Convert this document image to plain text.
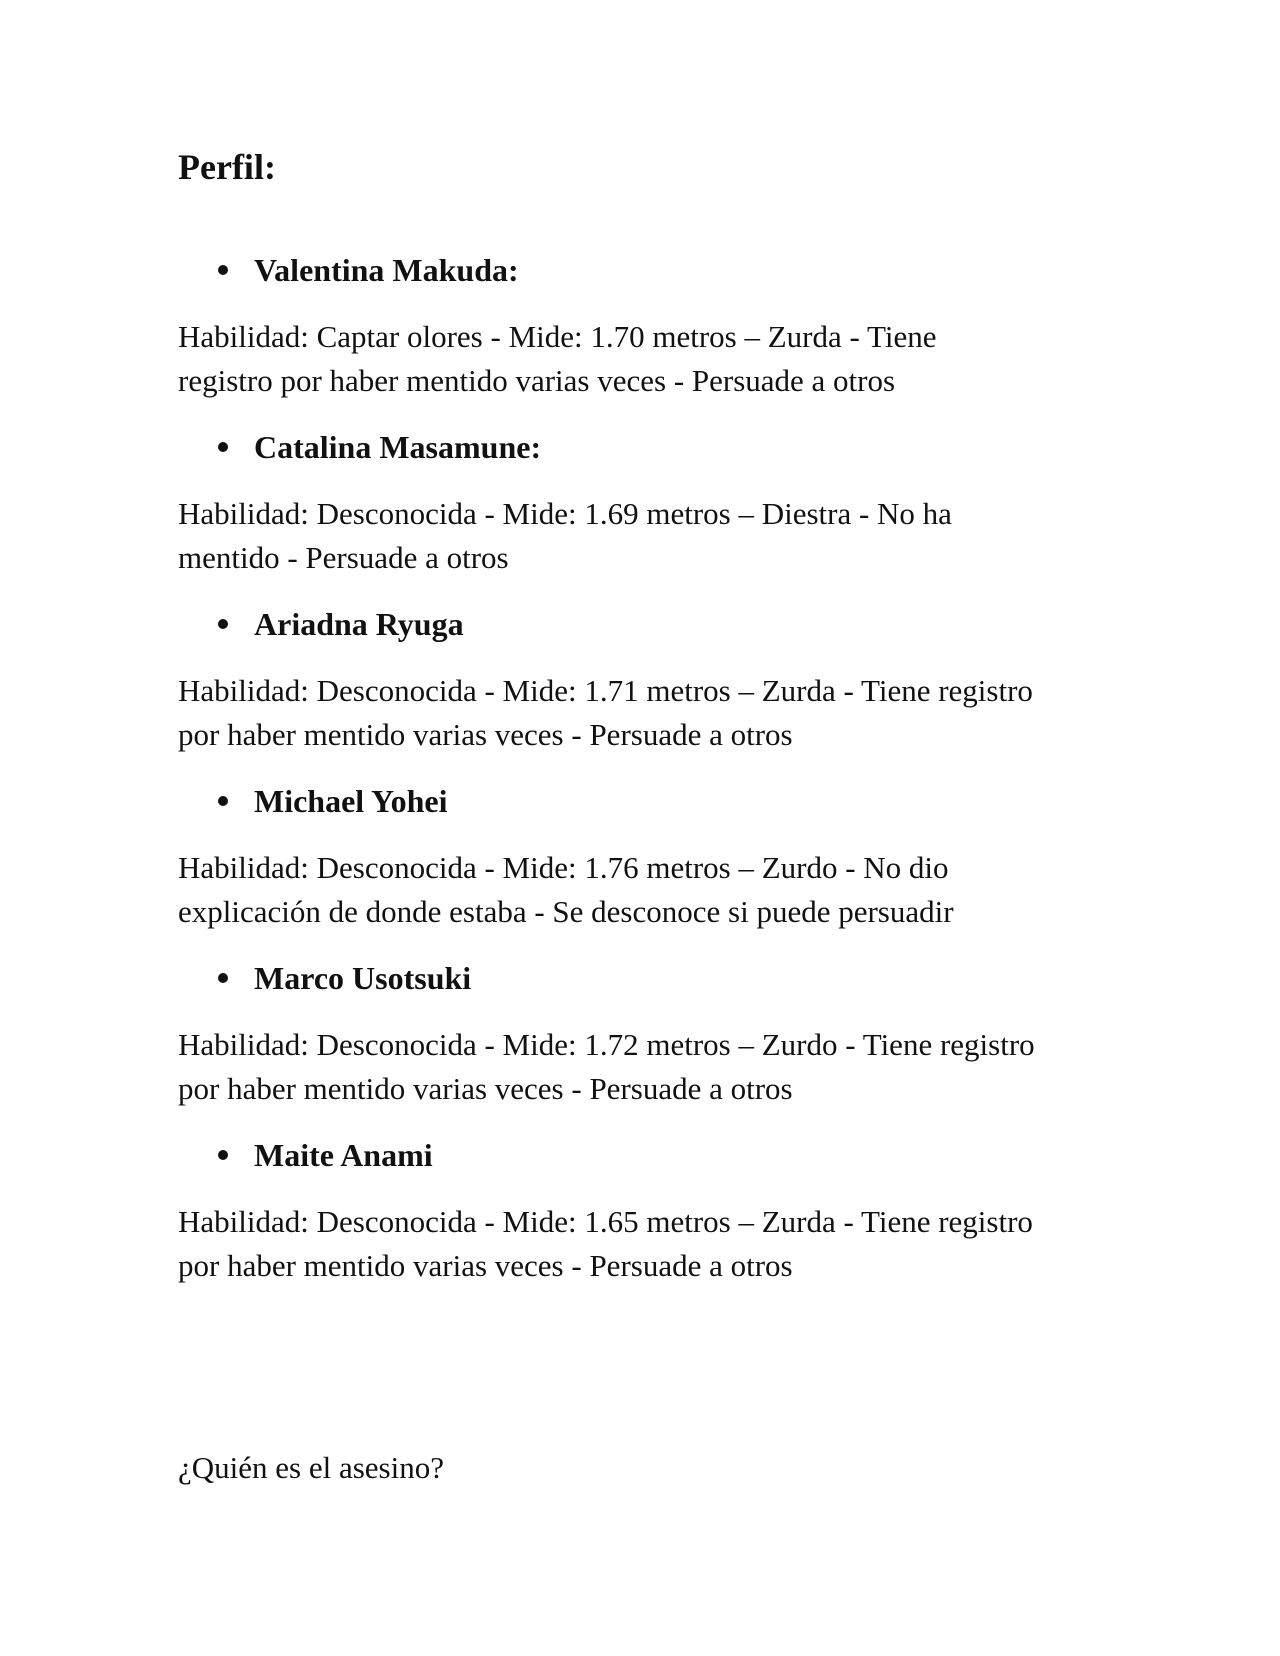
Perfil:
Valentina Makuda:

Habilidad: Captar olores - Mide: 1.70 metros – Zurda - Tiene registro por haber mentido varias veces - Persuade a otros

Catalina Masamune:

Habilidad: Desconocida - Mide: 1.69 metros – Diestra - No ha mentido - Persuade a otros

Ariadna Ryuga

Habilidad: Desconocida - Mide: 1.71 metros – Zurda - Tiene registro por haber mentido varias veces - Persuade a otros

Michael Yohei

Habilidad: Desconocida - Mide: 1.76 metros – Zurdo - No dio explicación de donde estaba - Se desconoce si puede persuadir

Marco Usotsuki

Habilidad: Desconocida - Mide: 1.72 metros – Zurdo - Tiene registro por haber mentido varias veces - Persuade a otros

Maite Anami

Habilidad: Desconocida - Mide: 1.65 metros – Zurda - Tiene registro por haber mentido varias veces - Persuade a otros

¿Quién es el asesino?
